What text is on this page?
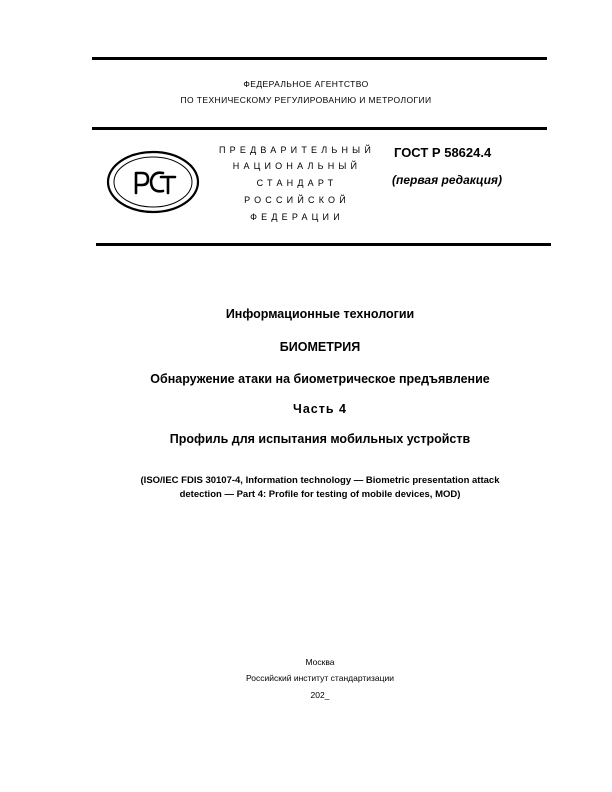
ФЕДЕРАЛЬНОЕ АГЕНТСТВО
ПО ТЕХНИЧЕСКОМУ РЕГУЛИРОВАНИЮ И МЕТРОЛОГИИ
ПРЕДВАРИТЕЛЬНЫЙ
НАЦИОНАЛЬНЫЙ
СТАНДАРТ
РОССИЙСКОЙ
ФЕДЕРАЦИИ
ГОСТ Р 58624.4
(первая редакция)
Информационные технологии
БИОМЕТРИЯ
Обнаружение атаки на биометрическое предъявление
Часть 4
Профиль для испытания мобильных устройств
(ISO/IEC FDIS 30107-4, Information technology — Biometric presentation attack
detection — Part 4: Profile for testing of mobile devices, MOD)
Москва
Российский институт стандартизации
202_
